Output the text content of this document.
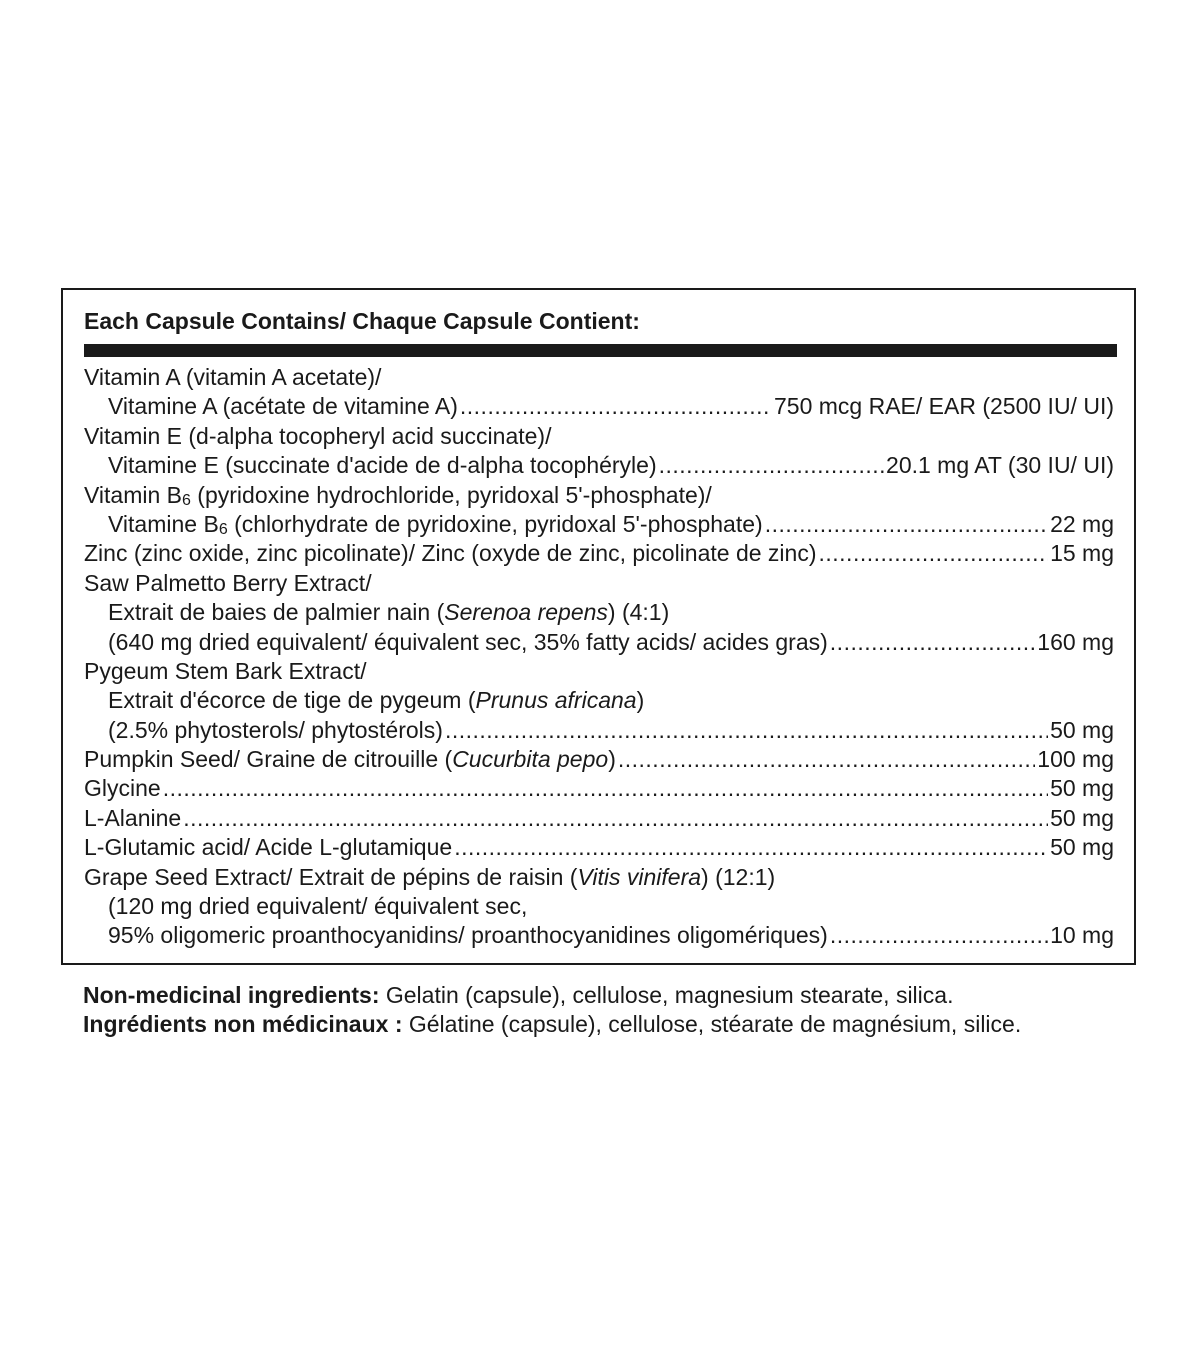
Each Capsule Contains/ Chaque Capsule Contient:
Vitamin A (vitamin A acetate)/
Vitamine A (acétate de vitamine A) .....	750 mcg RAE/ EAR (2500 IU/ UI)
Vitamin E (d-alpha tocopheryl acid succinate)/
Vitamine E (succinate d'acide de d-alpha tocophéryle) .....	20.1 mg AT (30 IU/ UI)
Vitamin $B_6$ (pyridoxine hydrochloride, pyridoxal 5'-phosphate)/
Vitamine $B_6$ (chlorhydrate de pyridoxine, pyridoxal 5'-phosphate) .....	22 mg
Zinc (zinc oxide, zinc picolinate)/ Zinc (oxyde de zinc, picolinate de zinc) .....	15 mg
Saw Palmetto Berry Extract/
Extrait de baies de palmier nain (Serenoa repens) (4:1)
(640 mg dried equivalent/ équivalent sec, 35% fatty acids/ acides gras) .....	160 mg
Pygeum Stem Bark Extract/
Extrait d'écorce de tige de pygeum (Prunus africana)
(2.5% phytosterols/ phytostérols) .....	50 mg
Pumpkin Seed/ Graine de citrouille (Cucurbita pepo) .....	100 mg
Glycine .....	50 mg
L-Alanine .....	50 mg
L-Glutamic acid/ Acide L-glutamique .....	50 mg
Grape Seed Extract/ Extrait de pépins de raisin (Vitis vinifera) (12:1)
(120 mg dried equivalent/ équivalent sec,
95% oligomeric proanthocyanidins/ proanthocyanidines oligomériques) .....	10 mg
Non-medicinal ingredients: Gelatin (capsule), cellulose, magnesium stearate, silica.
Ingrédients non médicinaux : Gélatine (capsule), cellulose, stéarate de magnésium, silice.
